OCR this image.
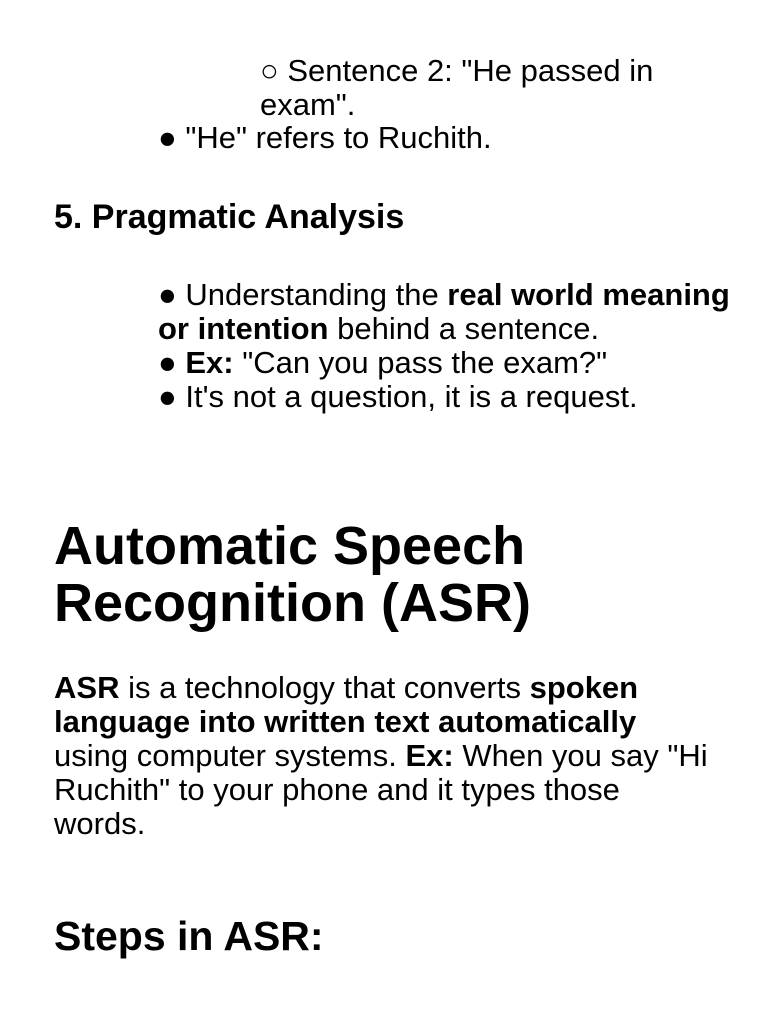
○ Sentence 2: "He passed in exam".
● "He" refers to Ruchith.
5. Pragmatic Analysis

● Understanding the real world meaning or intention behind a sentence.

● Ex: "Can you pass the exam?"

● It's not a question, it is a request.

Automatic Speech Recognition (ASR)

ASR is a technology that converts spoken language into written text automatically using computer systems. Ex: When you say "Hi Ruchith" to your phone and it types those words.

Steps in ASR:
